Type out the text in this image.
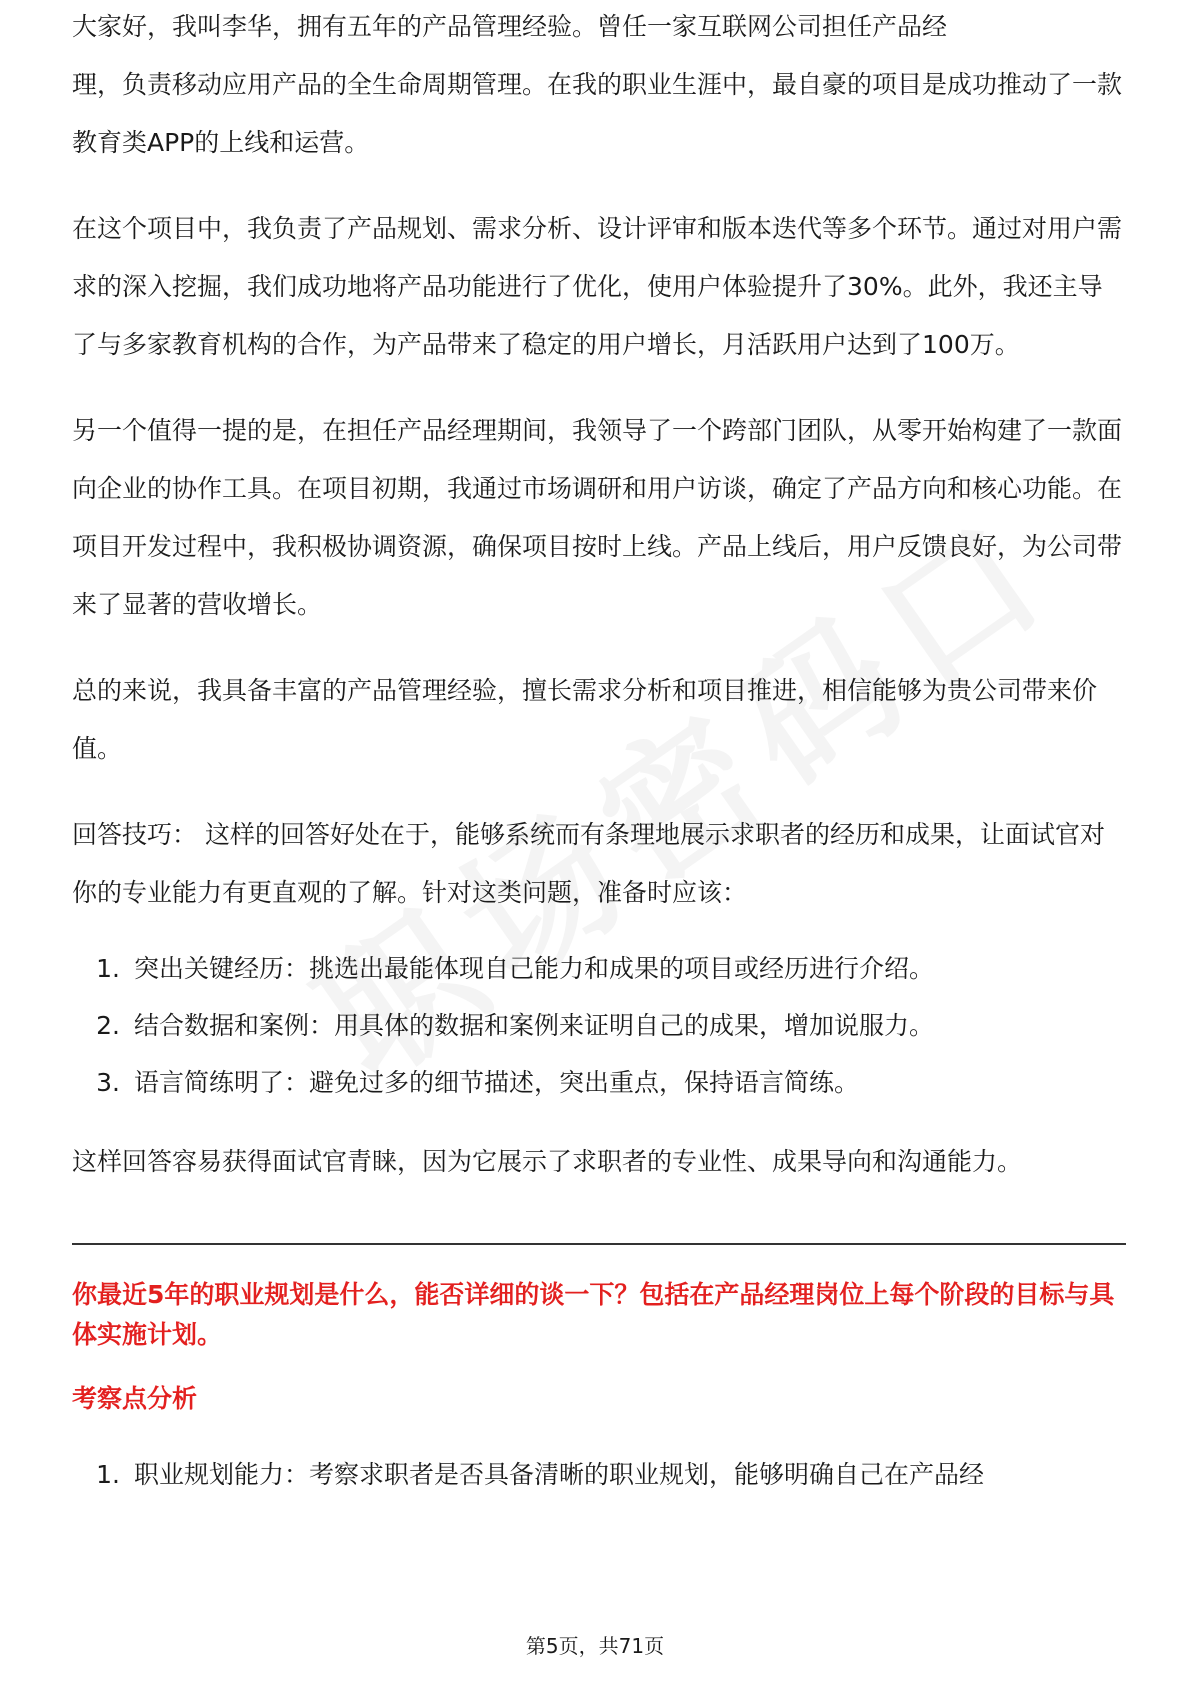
大家好，我叫李华，拥有五年的产品管理经验。曾任一家互联网公司担任产品经

理，负责移动应用产品的全生命周期管理。在我的职业生涯中，最自豪的项目是成功推动了一款教育类APP的上线和运营。

在这个项目中，我负责了产品规划、需求分析、设计评审和版本迭代等多个环节。通过对用户需求的深入挖掘，我们成功地将产品功能进行了优化，使用户体验提升了30%。此外，我还主导了与多家教育机构的合作，为产品带来了稳定的用户增长，月活跃用户达到了100万。

另一个值得一提的是，在担任产品经理期间，我领导了一个跨部门团队，从零开始构建了一款面向企业的协作工具。在项目初期，我通过市场调研和用户访谈，确定了产品方向和核心功能。在项目开发过程中，我积极协调资源，确保项目按时上线。产品上线后，用户反馈良好，为公司带来了显著的营收增长。

总的来说，我具备丰富的产品管理经验，擅长需求分析和项目推进，相信能够为贵公司带来价值。

回答技巧： 这样的回答好处在于，能够系统而有条理地展示求职者的经历和成果，让面试官对你的专业能力有更直观的了解。针对这类问题，准备时应该：

1. 突出关键经历：挑选出最能体现自己能力和成果的项目或经历进行介绍。
2. 结合数据和案例：用具体的数据和案例来证明自己的成果，增加说服力。
3. 语言简练明了：避免过多的细节描述，突出重点，保持语言简练。

这样回答容易获得面试官青睐，因为它展示了求职者的专业性、成果导向和沟通能力。

你最近5年的职业规划是什么，能否详细的谈一下？包括在产品经理岗位上每个阶段的目标与具体实施计划。
考察点分析
1. 职业规划能力：考察求职者是否具备清晰的职业规划，能够明确自己在产品经
第5页，共71页
